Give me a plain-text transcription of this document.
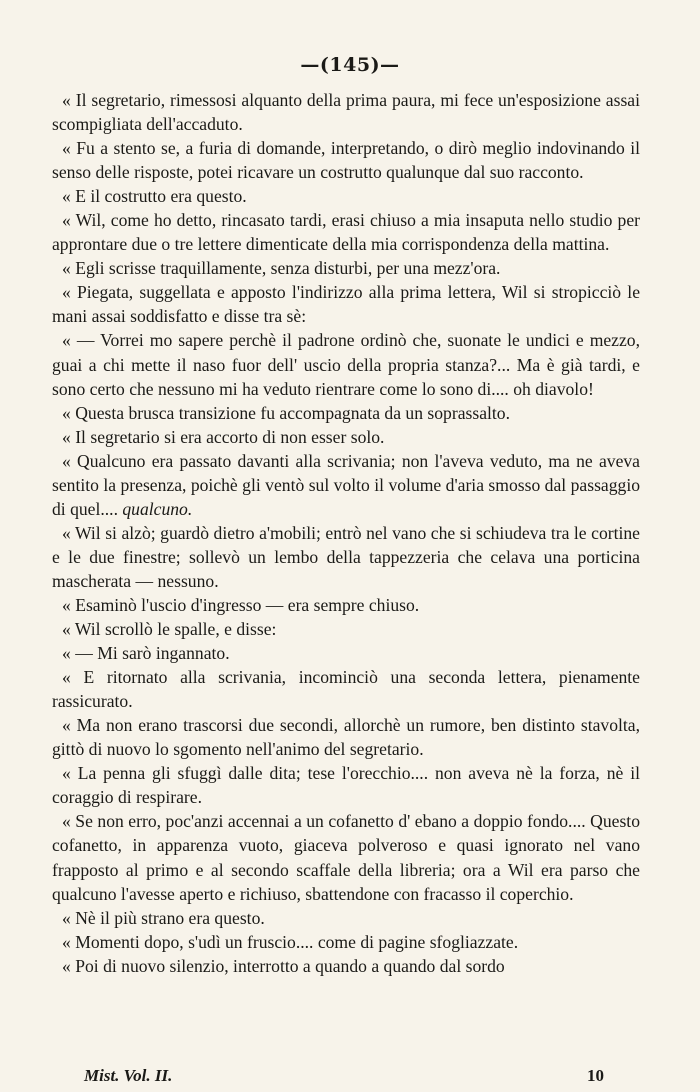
—(145)—

« Il segretario, rimessosi alquanto della prima paura, mi fece un'esposizione assai scompigliata dell'accaduto.

« Fu a stento se, a furia di domande, interpretando, o dirò meglio indovinando il senso delle risposte, potei ricavare un costrutto qualunque dal suo racconto.

« E il costrutto era questo.

« Wil, come ho detto, rincasato tardi, erasi chiuso a mia insaputa nello studio per approntare due o tre lettere dimenticate della mia corrispondenza della mattina.

« Egli scrisse traquillamente, senza disturbi, per una mezz'ora.

« Piegata, suggellata e apposto l'indirizzo alla prima lettera, Wil si stropicciò le mani assai soddisfatto e disse tra sè:

« — Vorrei mo sapere perchè il padrone ordinò che, suonate le undici e mezzo, guai a chi mette il naso fuor dell' uscio della propria stanza?... Ma è già tardi, e sono certo che nessuno mi ha veduto rientrare come lo sono di.... oh diavolo!

« Questa brusca transizione fu accompagnata da un soprassalto.

« Il segretario si era accorto di non esser solo.

« Qualcuno era passato davanti alla scrivania; non l'aveva veduto, ma ne aveva sentito la presenza, poichè gli ventò sul volto il volume d'aria smosso dal passaggio di quel.... qualcuno.

« Wil si alzò; guardò dietro a'mobili; entrò nel vano che si schiudeva tra le cortine e le due finestre; sollevò un lembo della tappezzeria che celava una porticina mascherata — nessuno.

« Esaminò l'uscio d'ingresso — era sempre chiuso.

« Wil scrollò le spalle, e disse:

« — Mi sarò ingannato.

« E ritornato alla scrivania, incominciò una seconda lettera, pienamente rassicurato.

« Ma non erano trascorsi due secondi, allorchè un rumore, ben distinto stavolta, gittò di nuovo lo sgomento nell'animo del segretario.

« La penna gli sfuggì dalle dita; tese l'orecchio.... non aveva nè la forza, nè il coraggio di respirare.

« Se non erro, poc'anzi accennai a un cofanetto d' ebano a doppio fondo.... Questo cofanetto, in apparenza vuoto, giaceva polveroso e quasi ignorato nel vano frapposto al primo e al secondo scaffale della libreria; ora a Wil era parso che qualcuno l'avesse aperto e richiuso, sbattendone con fracasso il coperchio.

« Nè il più strano era questo.

« Momenti dopo, s'udì un fruscio.... come di pagine sfogliazzate.

« Poi di nuovo silenzio, interrotto a quando a quando dal sordo

Mist. Vol. II.	10
